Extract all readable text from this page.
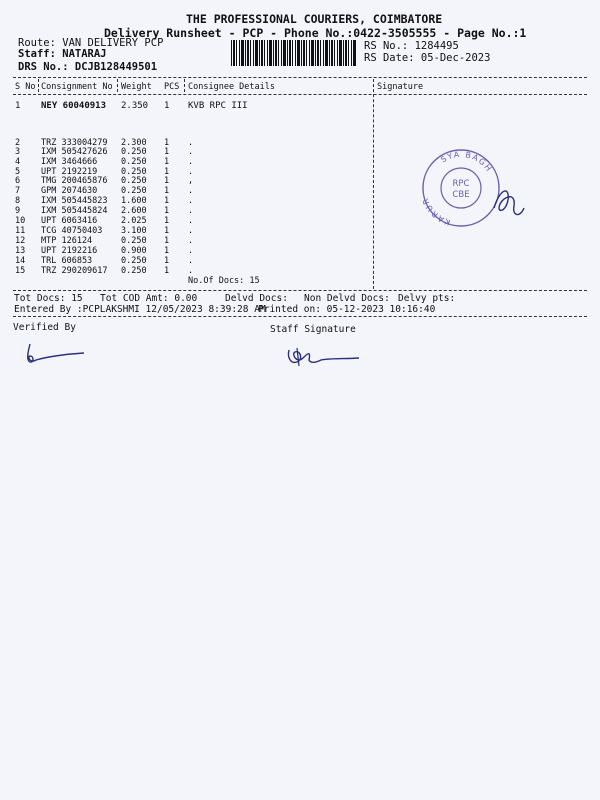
THE PROFESSIONAL COURIERS, COIMBATORE
Delivery Runsheet - PCP - Phone No.:0422-3505555 - Page No.:1
Route: VAN DELIVERY PCP
Staff: NATARAJ
DRS No.: DCJB128449501
RS No.: 1284495
RS Date: 05-Dec-2023
S No Consignment No Weight PCS Consignee Details	Signature
1 NEY 60040913 2.350 1 KVB RPC III
2 TRZ 333004279 2.300 1 .
3 IXM 505427626 0.250 1 .
4 IXM 3464666	0.250 1 .
5 UPT 2192219	0.250 1 .
6 TMG 200465876 0.250 1 ,
7 GPM 2074630	0.250 1 .
8 IXM 505445823 1.600 1 .
9 IXM 505445824 2.600 1 .
10 UPT 6063416	2.025 1 .
11 TCG 40750403 3.100 1 .
12 MTP 126124	0.250 1 .
13 UPT 2192216	0.900 1 .
14 TRL 606853	0.250 1 .
15 TRZ 290209617 0.250 1 .
No.Of Docs: 15
SYA BAGH
KARUR
RPC
CBE
Tot Docs: 15 Tot COD Amt: 0.00	Delvd Docs: Non Delvd Docs: Delvy pts:
Entered By :PCPLAKSHMI 12/05/2023 8:39:28 AM
Printed on: 05-12-2023 10:16:40
Verified By	Staff Signature
